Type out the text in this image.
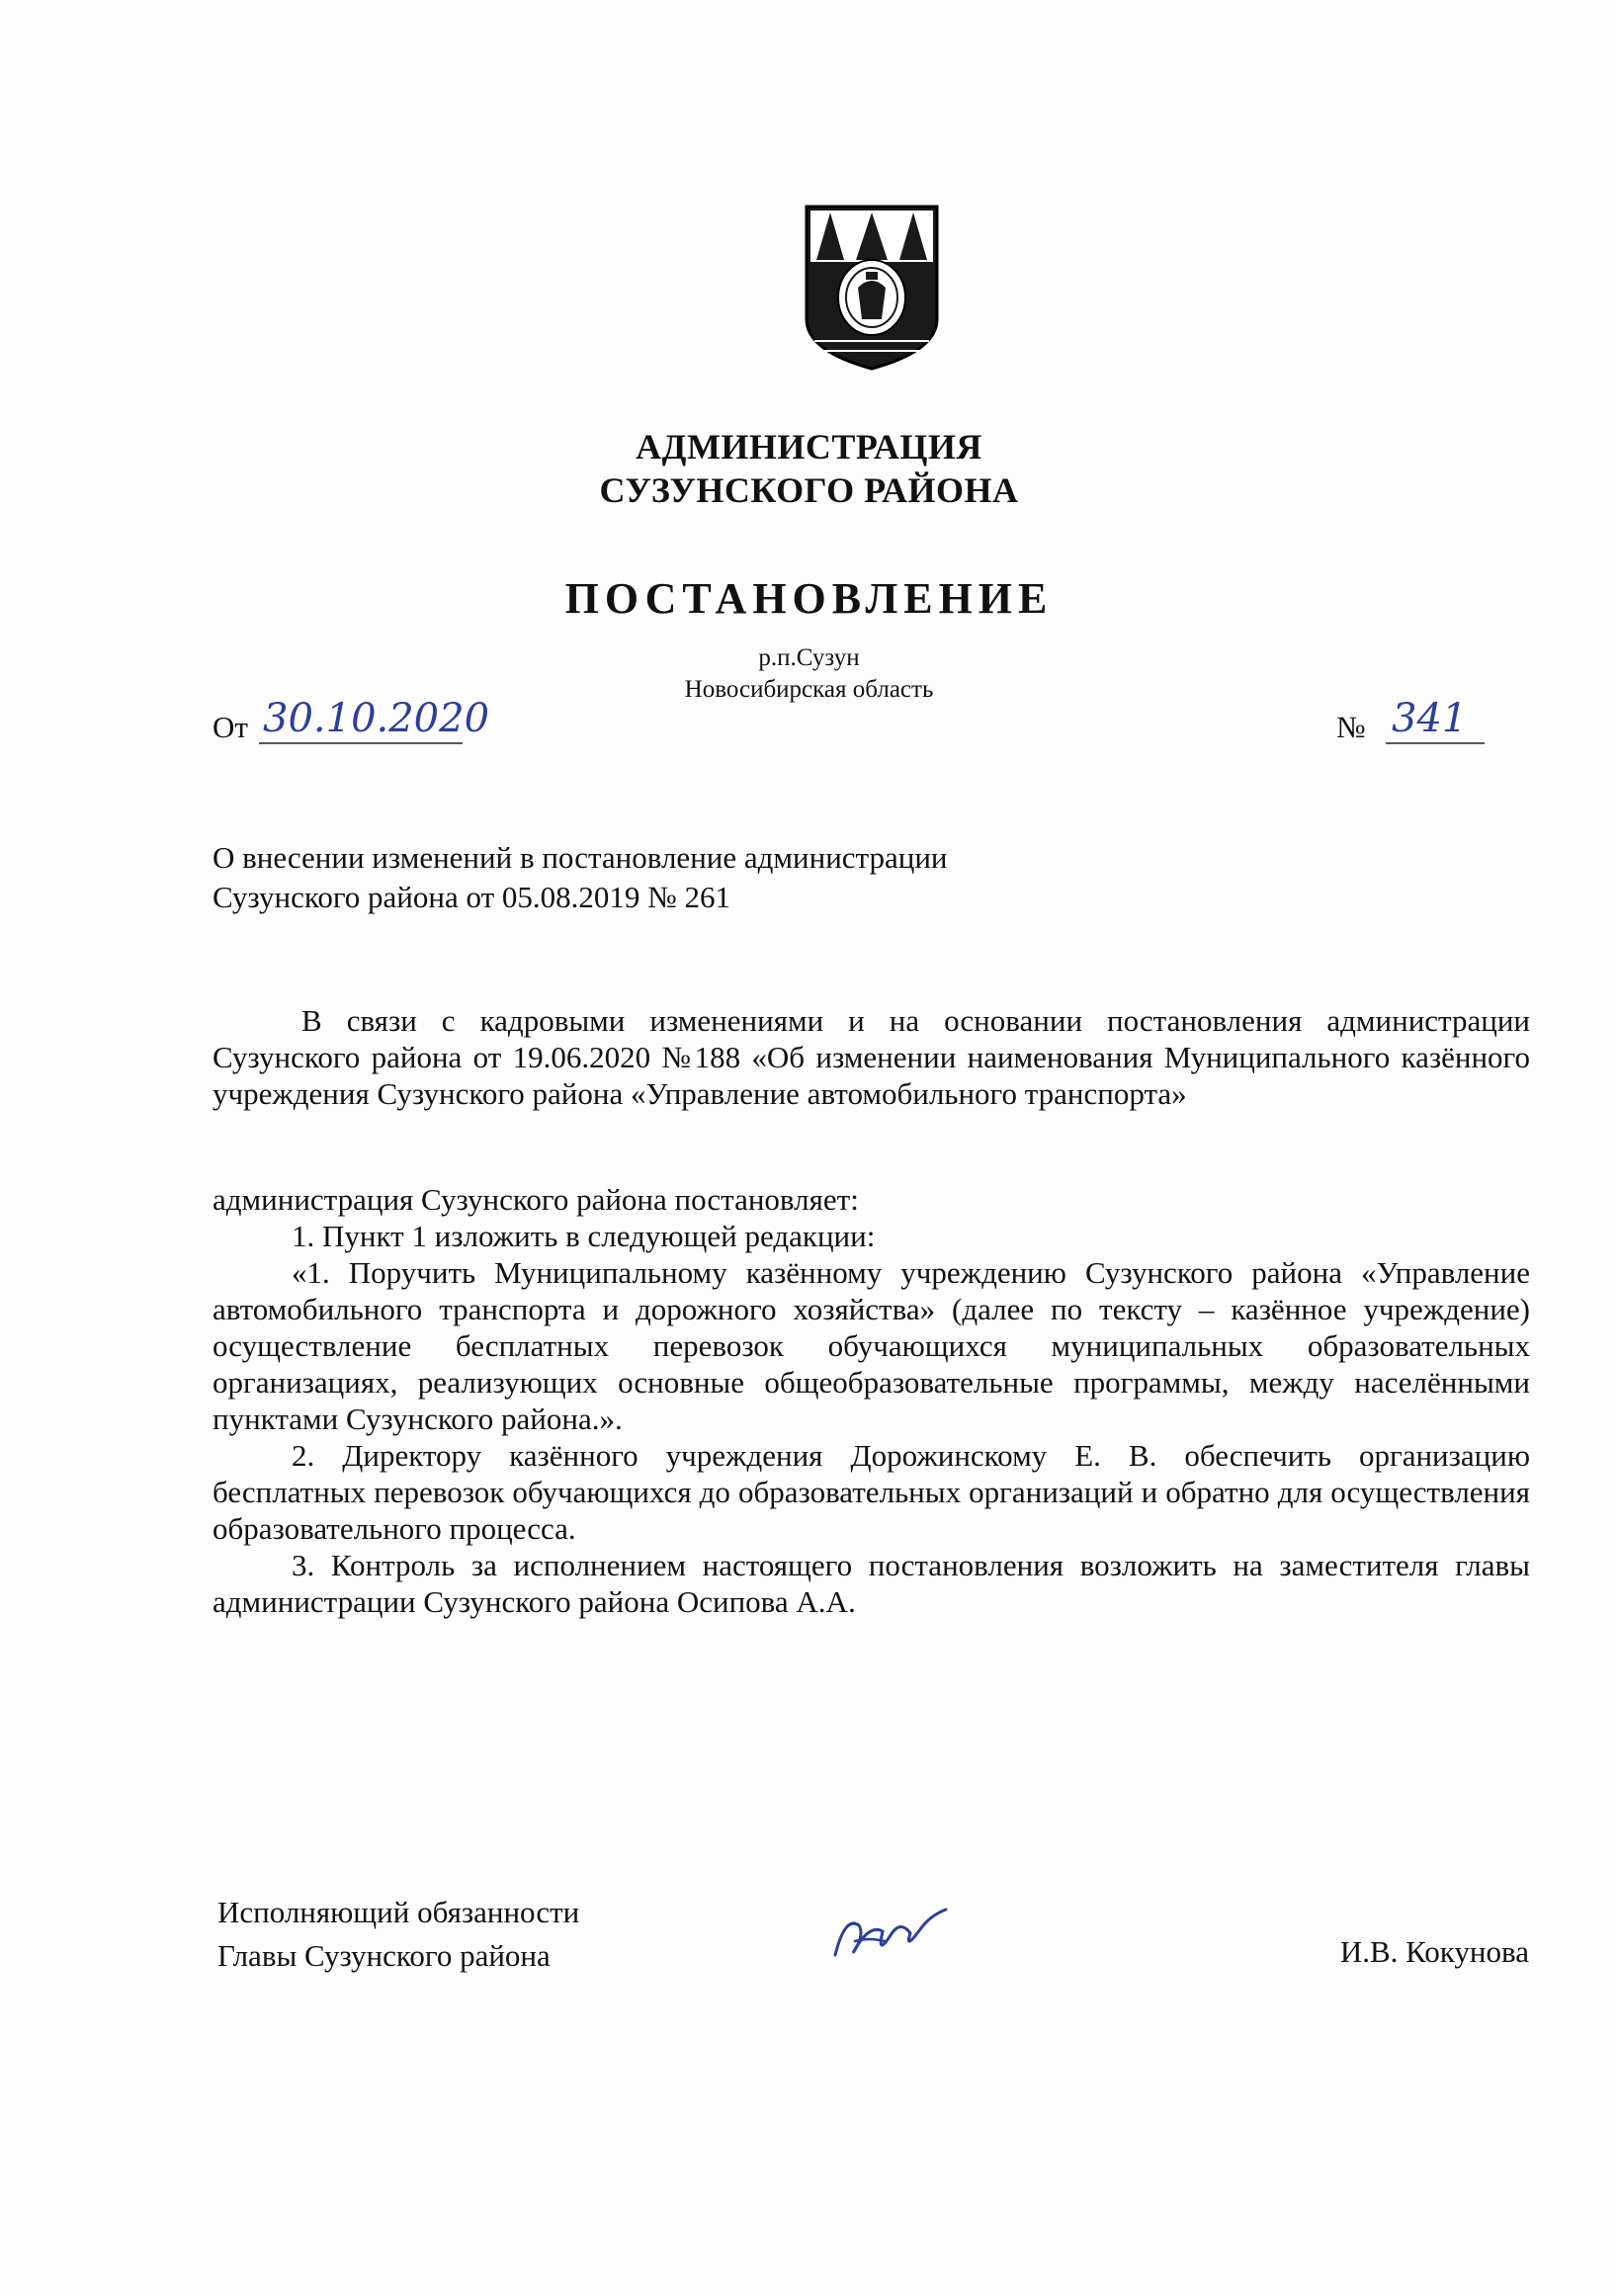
АДМИНИСТРАЦИЯ
СУЗУНСКОГО РАЙОНА
ПОСТАНОВЛЕНИЕ
р.п.Сузун
Новосибирская область
От 30.10.2020	№ 341
О внесении изменений в постановление администрации
Сузунского района от 05.08.2019 № 261

В связи с кадровыми изменениями и на основании постановления администрации Сузунского района от 19.06.2020 №188 «Об изменении наименования Муниципального казённого учреждения Сузунского района «Управление автомобильного транспорта»

администрация Сузунского района постановляет:

1. Пункт 1 изложить в следующей редакции:

«1. Поручить Муниципальному казённому учреждению Сузунского района «Управление автомобильного транспорта и дорожного хозяйства» (далее по тексту – казённое учреждение) осуществление бесплатных перевозок обучающихся муниципальных образовательных организациях, реализующих основные общеобразовательные программы, между населёнными пунктами Сузунского района.».

2. Директору казённого учреждения Дорожинскому Е. В. обеспечить организацию бесплатных перевозок обучающихся до образовательных организаций и обратно для осуществления образовательного процесса.

3. Контроль за исполнением настоящего постановления возложить на заместителя главы администрации Сузунского района Осипова А.А.

Исполняющий обязанности
Главы Сузунского района	И.В. Кокунова
